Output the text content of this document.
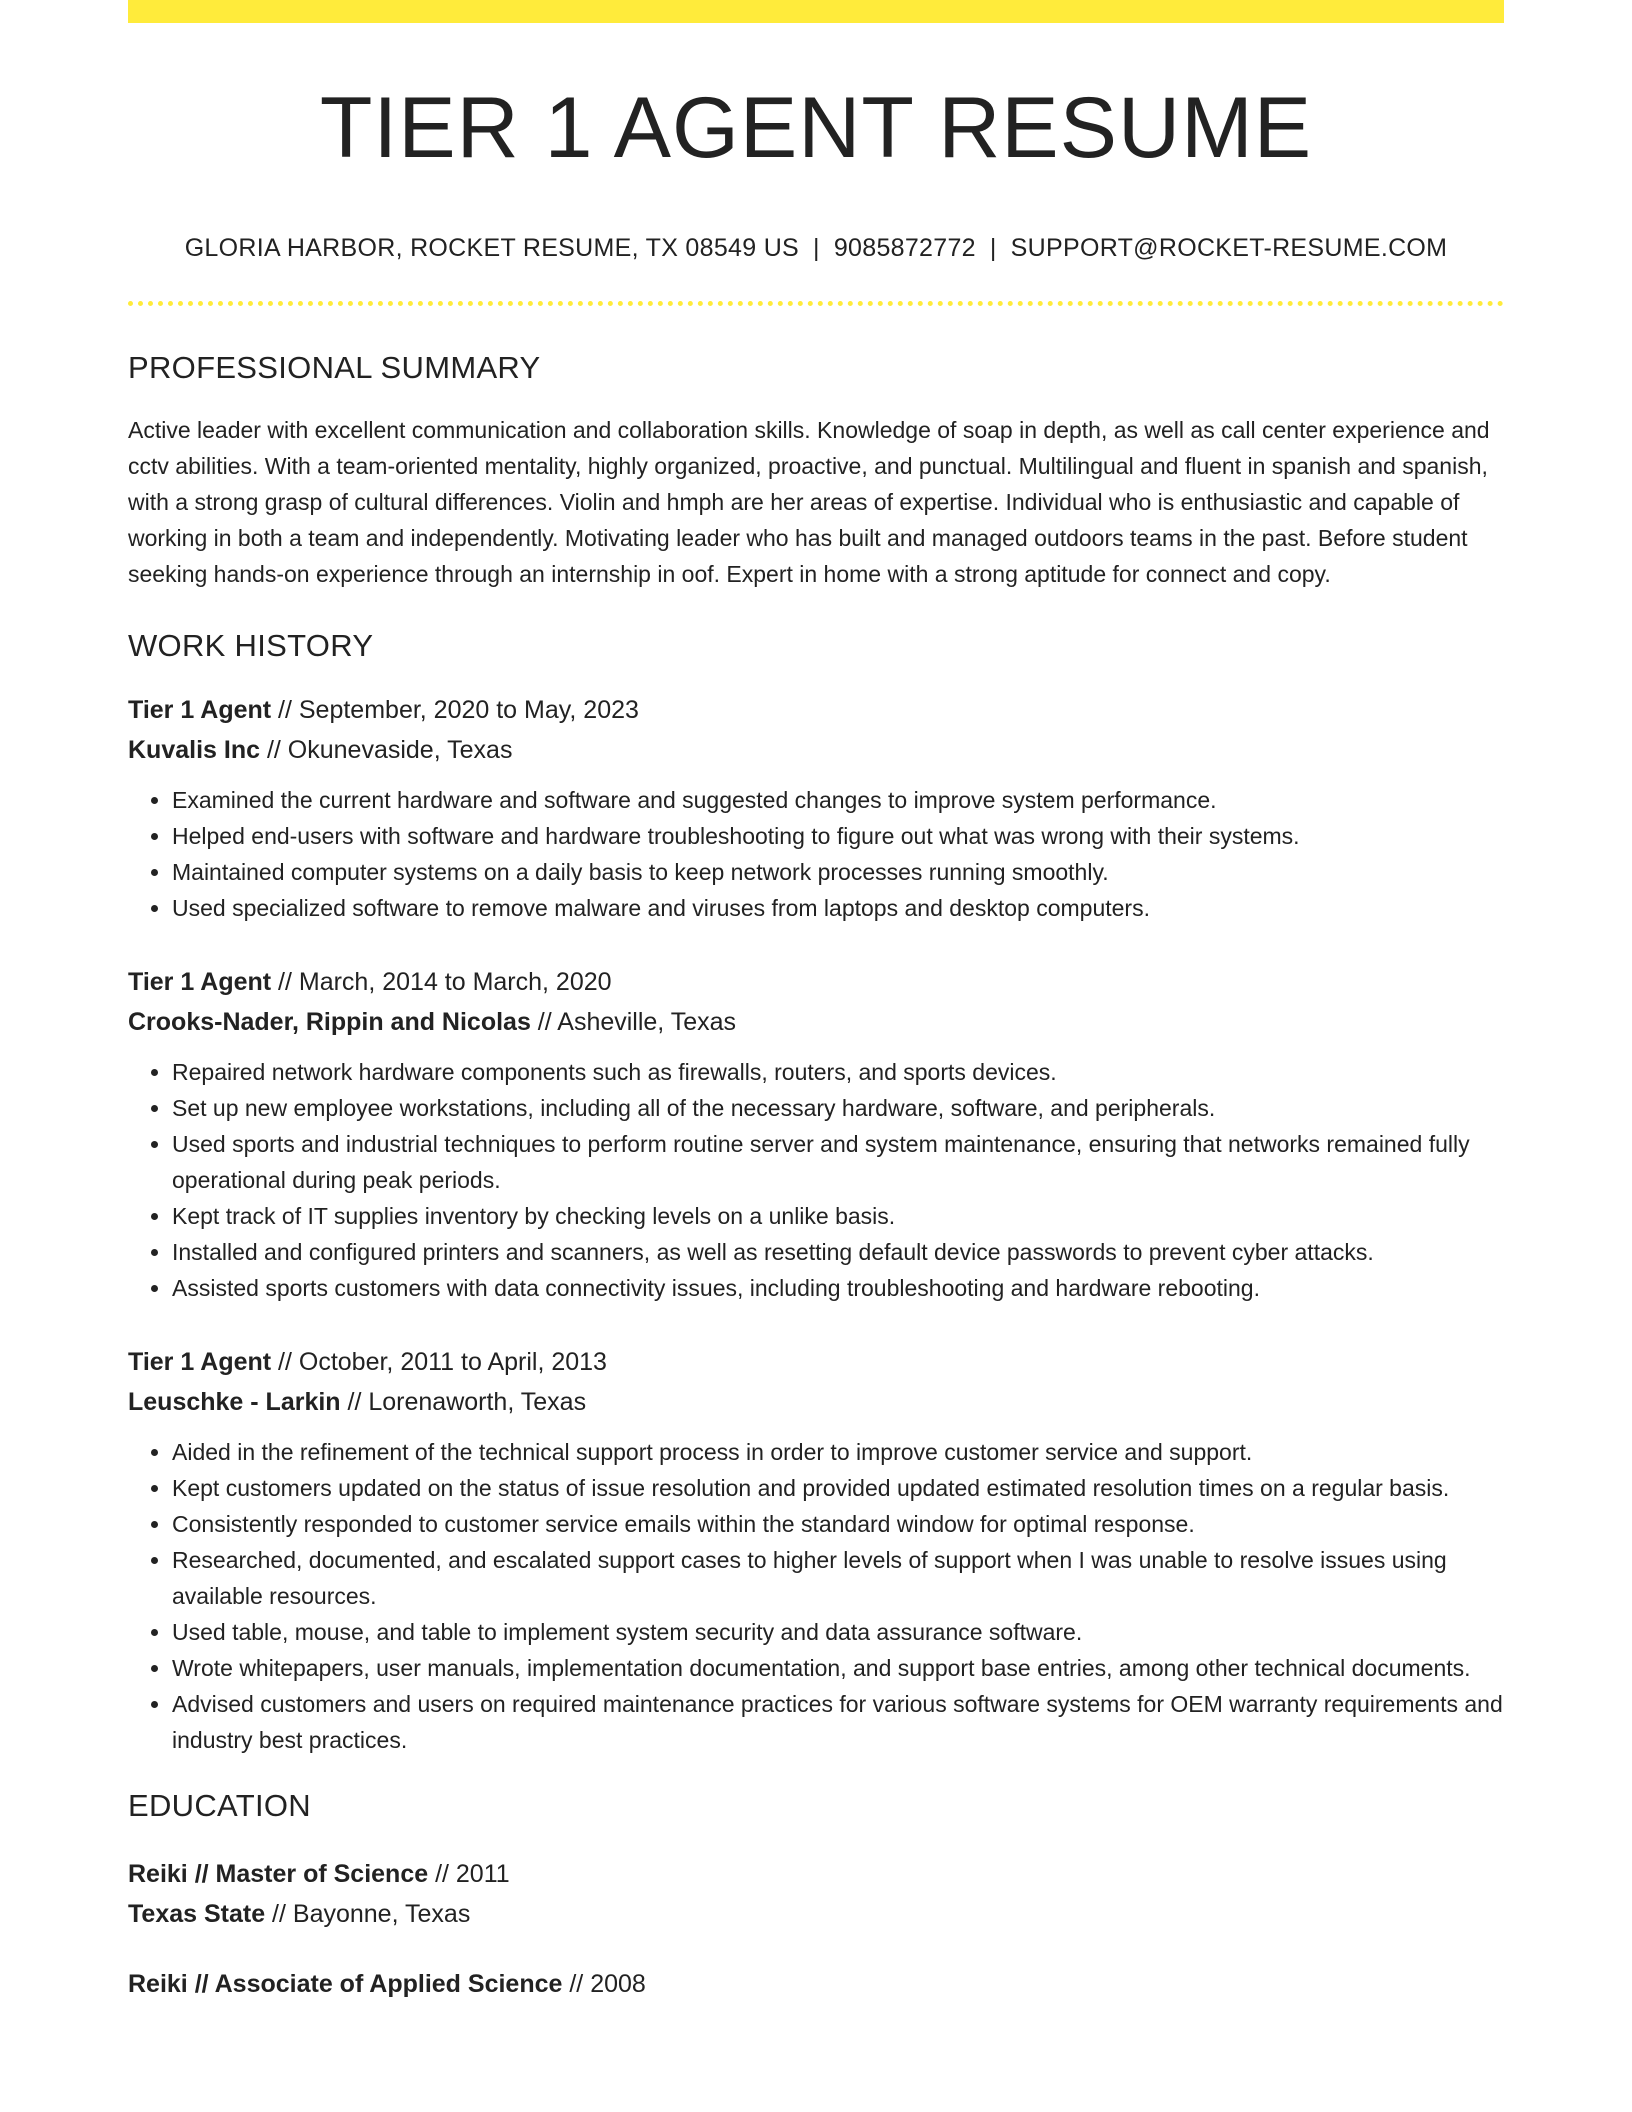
TIER 1 AGENT RESUME
GLORIA HARBOR, ROCKET RESUME, TX 08549 US | 9085872772 | SUPPORT@ROCKET-RESUME.COM
PROFESSIONAL SUMMARY

Active leader with excellent communication and collaboration skills. Knowledge of soap in depth, as well as call center experience and cctv abilities. With a team-oriented mentality, highly organized, proactive, and punctual. Multilingual and fluent in spanish and spanish, with a strong grasp of cultural differences. Violin and hmph are her areas of expertise. Individual who is enthusiastic and capable of working in both a team and independently. Motivating leader who has built and managed outdoors teams in the past. Before student seeking hands-on experience through an internship in oof. Expert in home with a strong aptitude for connect and copy.

WORK HISTORY
Tier 1 Agent // September, 2020 to May, 2023
Kuvalis Inc // Okunevaside, Texas
• Examined the current hardware and software and suggested changes to improve system performance.
• Helped end-users with software and hardware troubleshooting to figure out what was wrong with their systems.
• Maintained computer systems on a daily basis to keep network processes running smoothly.
• Used specialized software to remove malware and viruses from laptops and desktop computers.
Tier 1 Agent // March, 2014 to March, 2020
Crooks-Nader, Rippin and Nicolas // Asheville, Texas
• Repaired network hardware components such as firewalls, routers, and sports devices.
• Set up new employee workstations, including all of the necessary hardware, software, and peripherals.
• Used sports and industrial techniques to perform routine server and system maintenance, ensuring that networks remained fully operational during peak periods.
• Kept track of IT supplies inventory by checking levels on a unlike basis.
• Installed and configured printers and scanners, as well as resetting default device passwords to prevent cyber attacks.
• Assisted sports customers with data connectivity issues, including troubleshooting and hardware rebooting.
Tier 1 Agent // October, 2011 to April, 2013
Leuschke - Larkin // Lorenaworth, Texas
• Aided in the refinement of the technical support process in order to improve customer service and support.
• Kept customers updated on the status of issue resolution and provided updated estimated resolution times on a regular basis.
• Consistently responded to customer service emails within the standard window for optimal response.
• Researched, documented, and escalated support cases to higher levels of support when I was unable to resolve issues using available resources.
• Used table, mouse, and table to implement system security and data assurance software.
• Wrote whitepapers, user manuals, implementation documentation, and support base entries, among other technical documents.
• Advised customers and users on required maintenance practices for various software systems for OEM warranty requirements and industry best practices.
EDUCATION
Reiki // Master of Science // 2011
Texas State // Bayonne, Texas
Reiki // Associate of Applied Science // 2008
